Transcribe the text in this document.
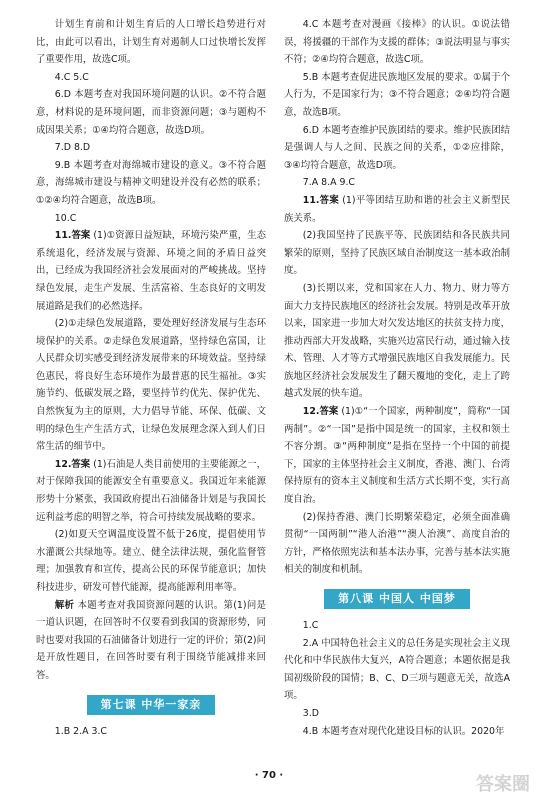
计划生育前和计划生育后的人口增长趋势进行对比，由此可以看出，计划生育对遏制人口过快增长发挥了重要作用，故选C项。

4.C 5.C

6.D 本题考查对我国环境问题的认识。②不符合题意，材料说的是环境问题，而非资源问题；③与题构不成因果关系；①④均符合题意，故选D项。

7.D 8.D

9.B 本题考查对海绵城市建设的意义。③不符合题意，海绵城市建设与精神文明建设并没有必然的联系；①②④均符合题意，故选B项。

10.C

11.答案 (1)①资源日益短缺，环境污染严重，生态系统退化，经济发展与资源、环境之间的矛盾日益突出，已经成为我国经济社会发展面对的严峻挑战。坚持绿色发展，走生产发展、生活富裕、生态良好的文明发展道路是我们的必然选择。

(2)①走绿色发展道路，要处理好经济发展与生态环境保护的关系。②走绿色发展道路，坚持绿色富国，让人民群众切实感受到经济发展带来的环境效益。坚持绿色惠民，将良好生态环境作为最普惠的民生福祉。③实施节约、低碳发展之路，要坚持节约优先、保护优先、自然恢复为主的原则，大力倡导节能、环保、低碳、文明的绿色生产生活方式，让绿色发展理念深入到人们日常生活的细节中。

12.答案 (1)石油是人类目前使用的主要能源之一，对于保障我国的能源安全有重要意义。我国近年来能源形势十分紧张，我国政府提出石油储备计划是与我国长远利益考虑的明智之举，符合可持续发展战略的要求。

(2)如夏天空调温度设置不低于26度，提倡使用节水灌溉公共绿地等。建立、健全法律法规，强化监督管理；加强教育和宣传，提高公民的环保节能意识；加快科技进步，研发可替代能源，提高能源利用率等。

解析 本题考查对我国资源问题的认识。第(1)问是一道认识题，在回答时不仅要看到我国的资源形势，同时也要对我国的石油储备计划进行一定的评价；第(2)问是开放性题目，在回答时要有利于围绕节能减排来回答。

第七课 中华一家亲

1.B 2.A 3.C

4.C 本题考查对漫画《接棒》的认识。①说法错误，将援疆的干部作为支援的群体；③说法明显与事实不符；②④均符合题意，故选C项。

5.B 本题考查促进民族地区发展的要求。①属于个人行为，不是国家行为；③不符合题意；②④均符合题意，故选B项。

6.D 本题考查维护民族团结的要求。维护民族团结是强调人与人之间、民族之间的关系，①②应排除，③④均符合题意，故选D项。

7.A 8.A 9.C

11.答案 (1)平等团结互助和谐的社会主义新型民族关系。

(2)我国坚持了民族平等、民族团结和各民族共同繁荣的原则，坚持了民族区域自治制度这一基本政治制度。

(3)长期以来，党和国家在人力、物力、财力等方面大力支持民族地区的经济社会发展。特别是改革开放以来，国家进一步加大对欠发达地区的扶贫支持力度，推动西部大开发战略，实施兴边富民行动，通过输入技术、管理、人才等方式增强民族地区自我发展能力。民族地区经济社会发展发生了翻天覆地的变化，走上了跨越式发展的快车道。

12.答案 (1)①“一个国家，两种制度”，简称“一国两制”。②“一国”是指中国是统一的国家，主权和领土不容分割。③“两种制度”是指在坚持一个中国的前提下，国家的主体坚持社会主义制度，香港、澳门、台湾保持原有的资本主义制度和生活方式长期不变，实行高度自治。

(2)保持香港、澳门长期繁荣稳定，必须全面准确贯彻“一国两制”“港人治港”“澳人治澳”、高度自治的方针，严格依照宪法和基本法办事，完善与基本法实施相关的制度和机制。

第八课 中国人 中国梦

1.C

2.A 中国特色社会主义的总任务是实现社会主义现代化和中华民族伟大复兴，A符合题意；本题依据是我国初级阶段的国情；B、C、D三项与题意无关，故选A项。

3.D

4.B 本题考查对现代化建设目标的认识。2020年

· 70 ·	答案圈
